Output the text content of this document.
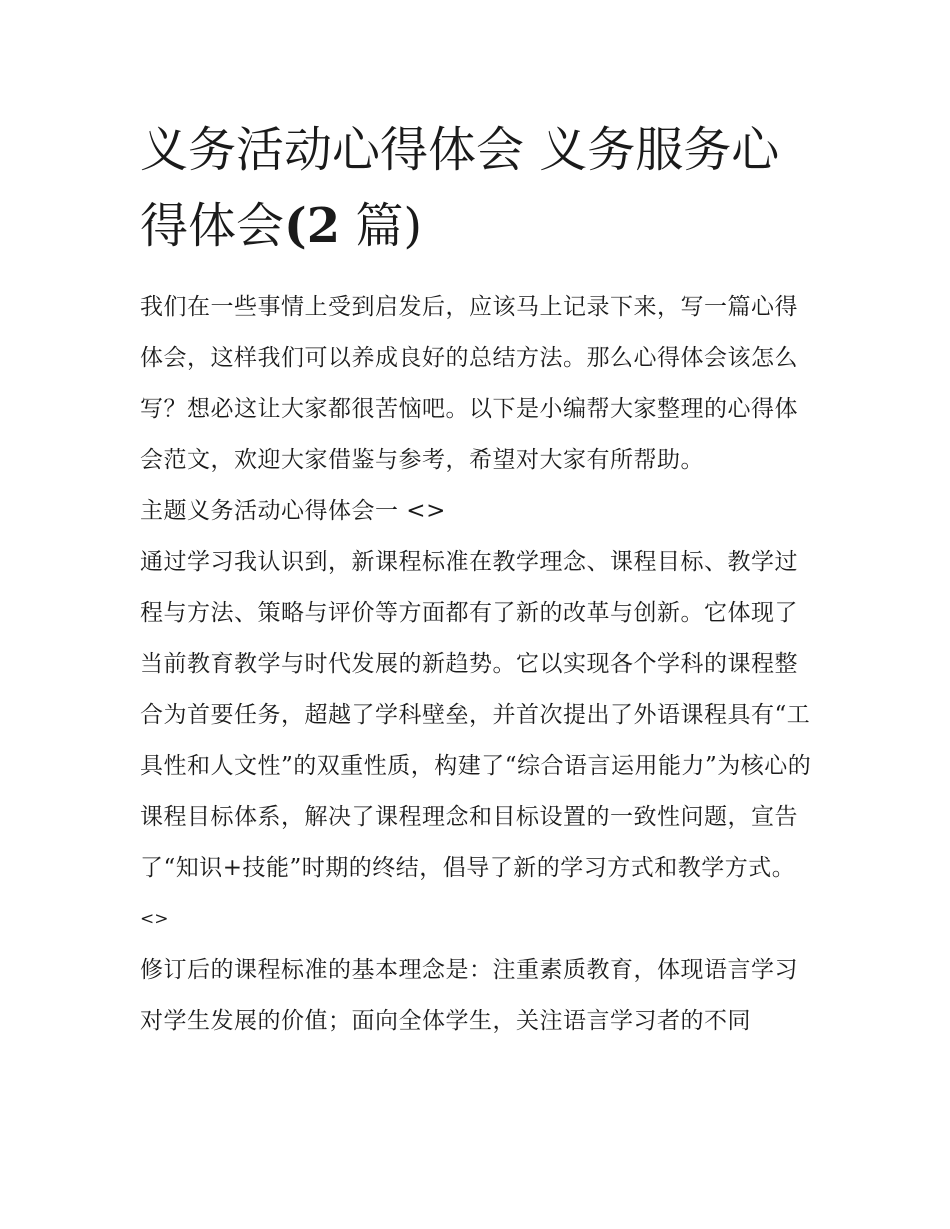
义务活动心得体会 义务服务心得体会(2 篇)

我们在一些事情上受到启发后，应该马上记录下来，写一篇心得体会，这样我们可以养成良好的总结方法。那么心得体会该怎么写？想必这让大家都很苦恼吧。以下是小编帮大家整理的心得体会范文，欢迎大家借鉴与参考，希望对大家有所帮助。

主题义务活动心得体会一 <>

通过学习我认识到，新课程标准在教学理念、课程目标、教学过程与方法、策略与评价等方面都有了新的改革与创新。它体现了当前教育教学与时代发展的新趋势。它以实现各个学科的课程整合为首要任务，超越了学科壁垒，并首次提出了外语课程具有“工具性和人文性”的双重性质，构建了“综合语言运用能力”为核心的课程目标体系，解决了课程理念和目标设置的一致性问题，宣告了“知识+技能”时期的终结，倡导了新的学习方式和教学方式。

<>

修订后的课程标准的基本理念是：注重素质教育，体现语言学习对学生发展的价值；面向全体学生，关注语言学习者的不同
